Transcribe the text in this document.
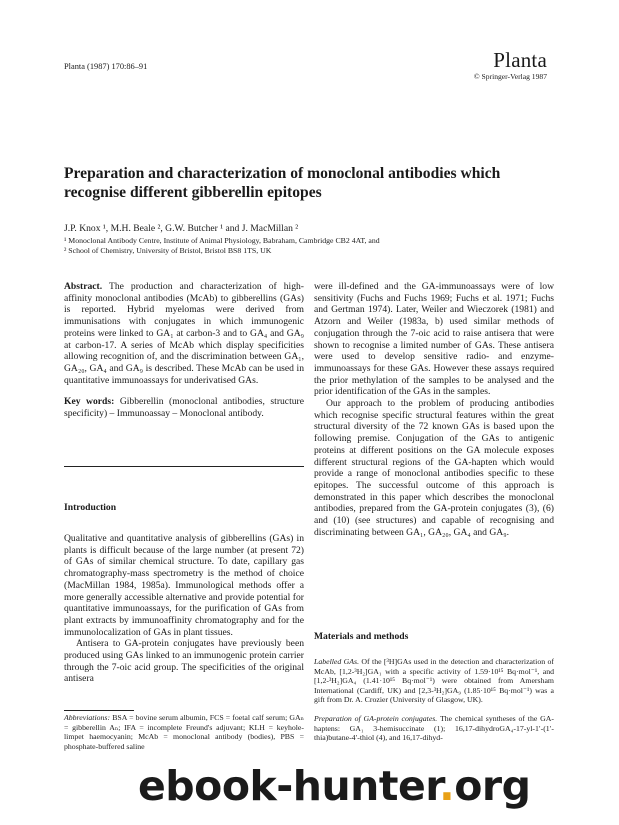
Planta (1987) 170:86–91	Planta
© Springer-Verlag 1987
Preparation and characterization of monoclonal antibodies which recognise different gibberellin epitopes
J.P. Knox ¹, M.H. Beale ², G.W. Butcher ¹ and J. MacMillan ²
¹ Monoclonal Antibody Centre, Institute of Animal Physiology, Babraham, Cambridge CB2 4AT, and
² School of Chemistry, University of Bristol, Bristol BS8 1TS, UK

Abstract. The production and characterization of high-affinity monoclonal antibodies (McAb) to gibberellins (GAs) is reported. Hybrid myelomas were derived from immunisations with conjugates in which immunogenic proteins were linked to GA₁ at carbon-3 and to GA₄ and GA₉ at carbon-17. A series of McAb which display specificities allowing recognition of, and the discrimination between GA₁, GA₂₀, GA₄ and GA₉ is described. These McAb can be used in quantitative immunoassays for underivatised GAs.

Key words: Gibberellin (monoclonal antibodies, structure specificity) – Immunoassay – Monoclonal antibody.

Introduction

Qualitative and quantitative analysis of gibberellins (GAs) in plants is difficult because of the large number (at present 72) of GAs of similar chemical structure. To date, capillary gas chromatography-mass spectrometry is the method of choice (MacMillan 1984, 1985a). Immunological methods offer a more generally accessible alternative and provide potential for quantitative immunoassays, for the purification of GAs from plant extracts by immunoaffinity chromatography and for the immunolocalization of GAs in plant tissues.

Antisera to GA-protein conjugates have previously been produced using GAs linked to an immunogenic protein carrier through the 7-oic acid group. The specificities of the original antisera

Abbreviations: BSA = bovine serum albumin, FCS = foetal calf serum; GAₙ = gibberellin Aₙ; IFA = incomplete Freund's adjuvant; KLH = keyhole-limpet haemocyanin; McAb = monoclonal antibody (bodies), PBS = phosphate-buffered saline

were ill-defined and the GA-immunoassays were of low sensitivity (Fuchs and Fuchs 1969; Fuchs et al. 1971; Fuchs and Gertman 1974). Later, Weiler and Wieczorek (1981) and Atzorn and Weiler (1983a, b) used similar methods of conjugation through the 7-oic acid to raise antisera that were shown to recognise a limited number of GAs. These antisera were used to develop sensitive radio- and enzyme-immunoassays for these GAs. However these assays required the prior methylation of the samples to be analysed and the prior identification of the GAs in the samples.

Our approach to the problem of producing antibodies which recognise specific structural features within the great structural diversity of the 72 known GAs is based upon the following premise. Conjugation of the GAs to antigenic proteins at different positions on the GA molecule exposes different structural regions of the GA-hapten which would provide a range of monoclonal antibodies specific to these epitopes. The successful outcome of this approach is demonstrated in this paper which describes the monoclonal antibodies, prepared from the GA-protein conjugates (3), (6) and (10) (see structures) and capable of recognising and discriminating between GA₁, GA₂₀, GA₄ and GA₉.

Materials and methods
Labelled GAs. Of the [³H]GAs used in the detection and characterization of McAb, [1,2-³H₂]GA₁ with a specific activity of 1.59·10¹⁵ Bq·mol⁻¹, and [1,2-³H₂]GA₄ (1.41·10¹⁵ Bq·mol⁻¹) were obtained from Amersham International (Cardiff, UK) and [2,3-³H₂]GA₉ (1.85·10¹⁵ Bq·mol⁻¹) was a gift from Dr. A. Crozier (University of Glasgow, UK).
Preparation of GA-protein conjugates. The chemical syntheses of the GA-haptens: GA₁ 3-hemisuccinate (1); 16,17-dihydroGA₄-17-yl-1′-(1′-thia)butane-4′-thiol (4), and 16,17-dihyd-
ebook-hunter.org
